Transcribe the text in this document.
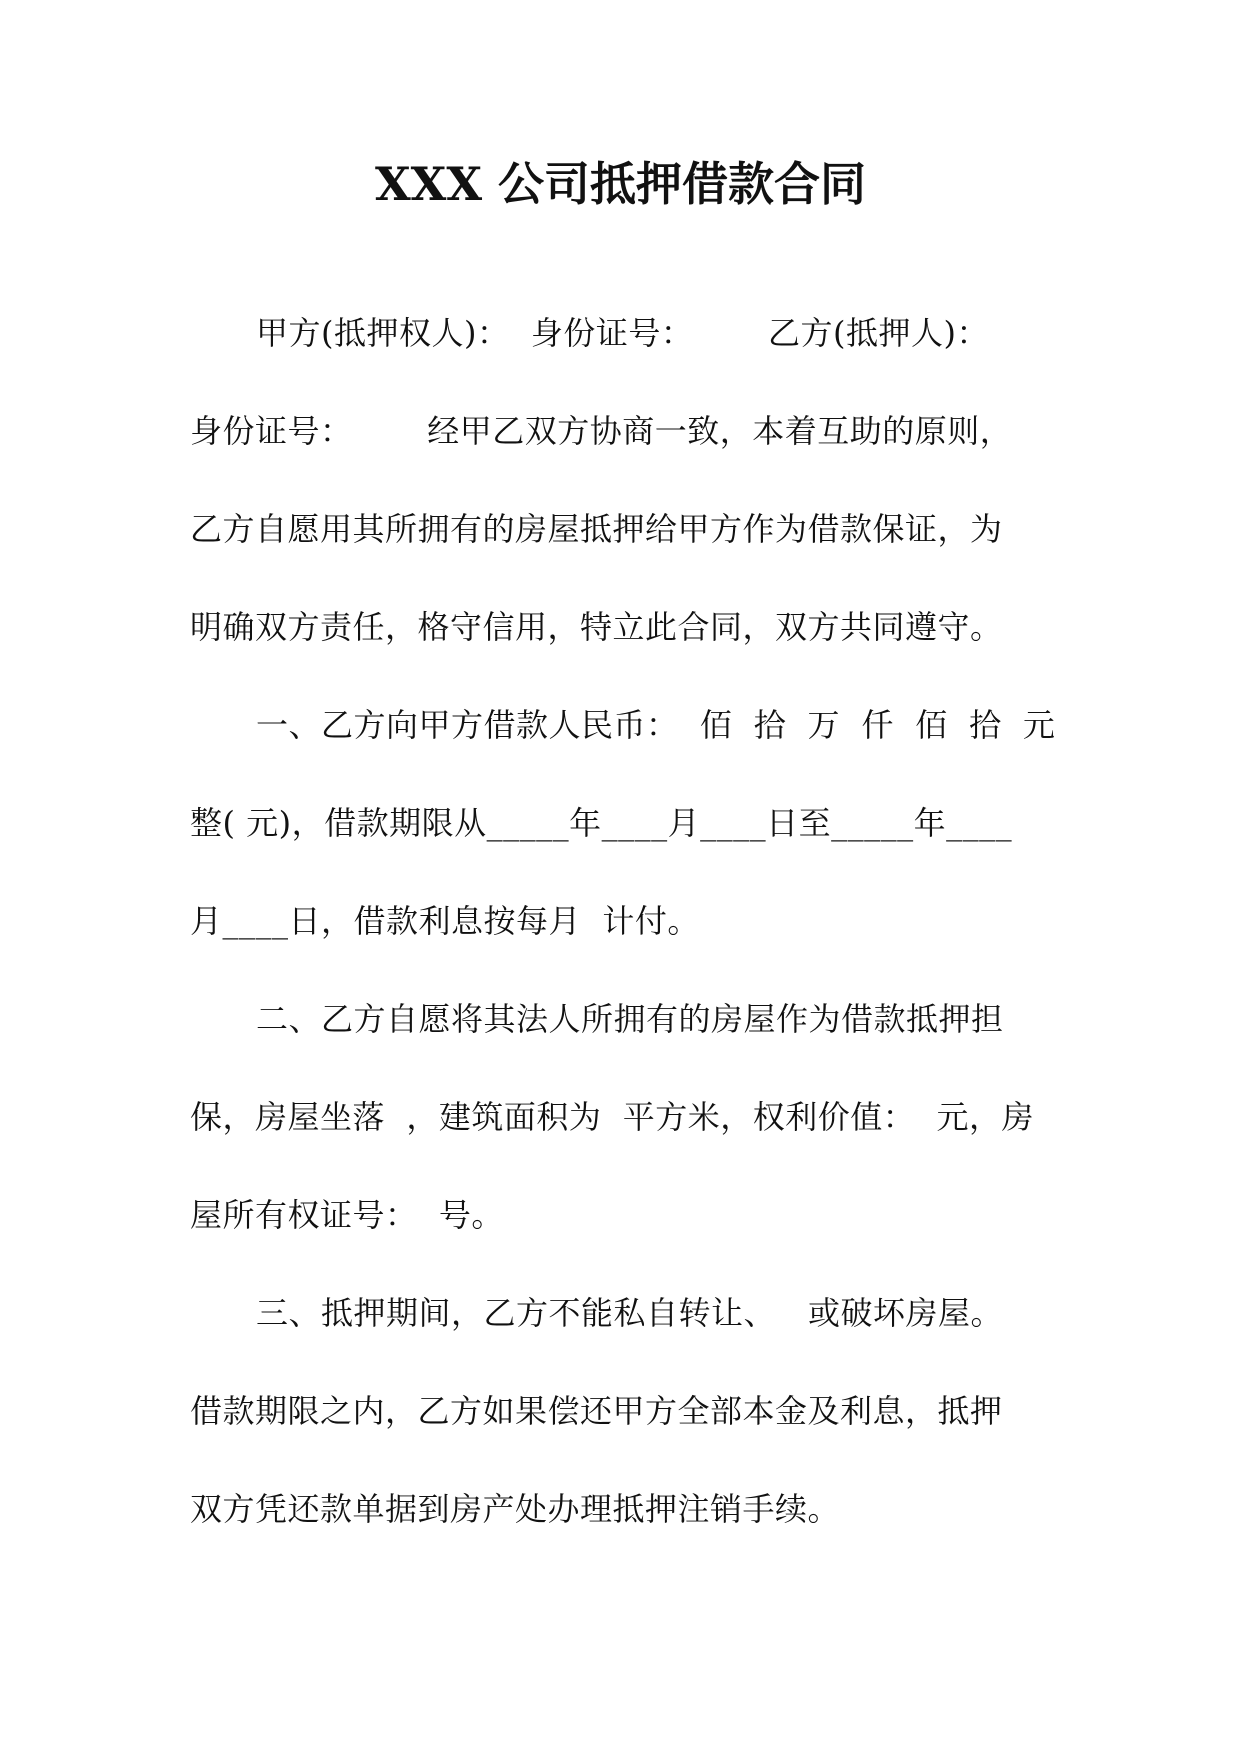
XXX 公司抵押借款合同
甲方(抵押权人)：  身份证号：       乙方(抵押人)：
身份证号：       经甲乙双方协商一致，本着互助的原则，
乙方自愿用其所拥有的房屋抵押给甲方作为借款保证，为
明确双方责任，格守信用，特立此合同，双方共同遵守。
一、乙方向甲方借款人民币：  佰  拾  万  仟  佰  拾  元
整( 元)，借款期限从_____年____月____日至_____年____
月____日，借款利息按每月  计付。
二、乙方自愿将其法人所拥有的房屋作为借款抵押担
保，房屋坐落  ，建筑面积为  平方米，权利价值：  元，房
屋所有权证号：  号。
三、抵押期间，乙方不能私自转让、   或破坏房屋。
借款期限之内，乙方如果偿还甲方全部本金及利息，抵押
双方凭还款单据到房产处办理抵押注销手续。
